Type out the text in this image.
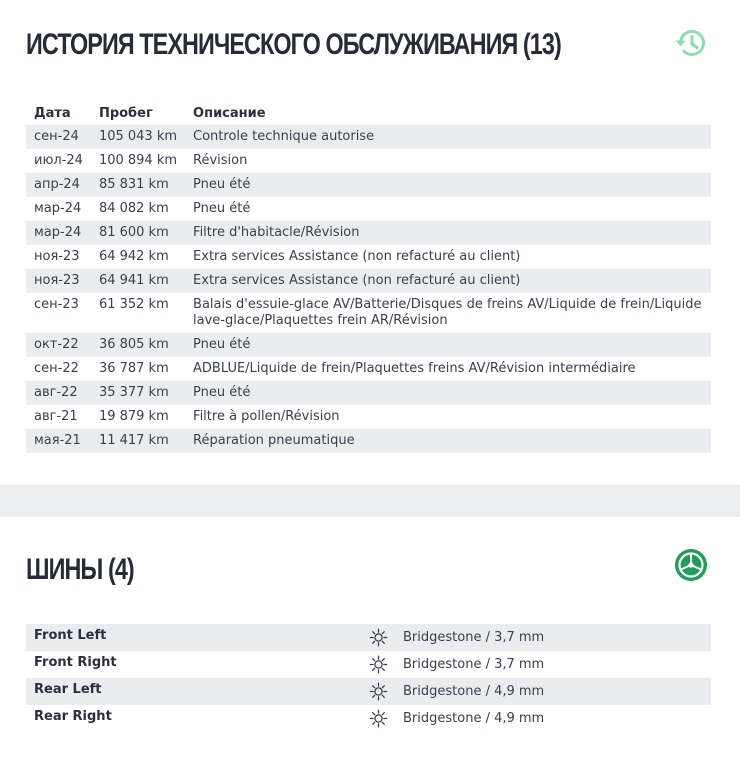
ИСТОРИЯ ТЕХНИЧЕСКОГО ОБСЛУЖИВАНИЯ (13)
Дата	Пробег	Описание
сен-24	105 043 km	Controle technique autorise
июл-24	100 894 km	Révision
апр-24	85 831 km	Pneu été
мар-24	84 082 km	Pneu été
мар-24	81 600 km	Filtre d'habitacle/Révision
ноя-23	64 942 km	Extra services Assistance (non refacturé au client)
ноя-23	64 941 km	Extra services Assistance (non refacturé au client)
сен-23	61 352 km	Balais d'essuie-glace AV/Batterie/Disques de freins AV/Liquide de frein/Liquide lave-glace/Plaquettes frein AR/Révision
окт-22	36 805 km	Pneu été
сен-22	36 787 km	ADBLUE/Liquide de frein/Plaquettes freins AV/Révision intermédiaire
авг-22	35 377 km	Pneu été
авг-21	19 879 km	Filtre à pollen/Révision
мая-21	11 417 km	Réparation pneumatique
ШИНЫ (4)
Front Left	Bridgestone / 3,7 mm
Front Right	Bridgestone / 3,7 mm
Rear Left	Bridgestone / 4,9 mm
Rear Right	Bridgestone / 4,9 mm
